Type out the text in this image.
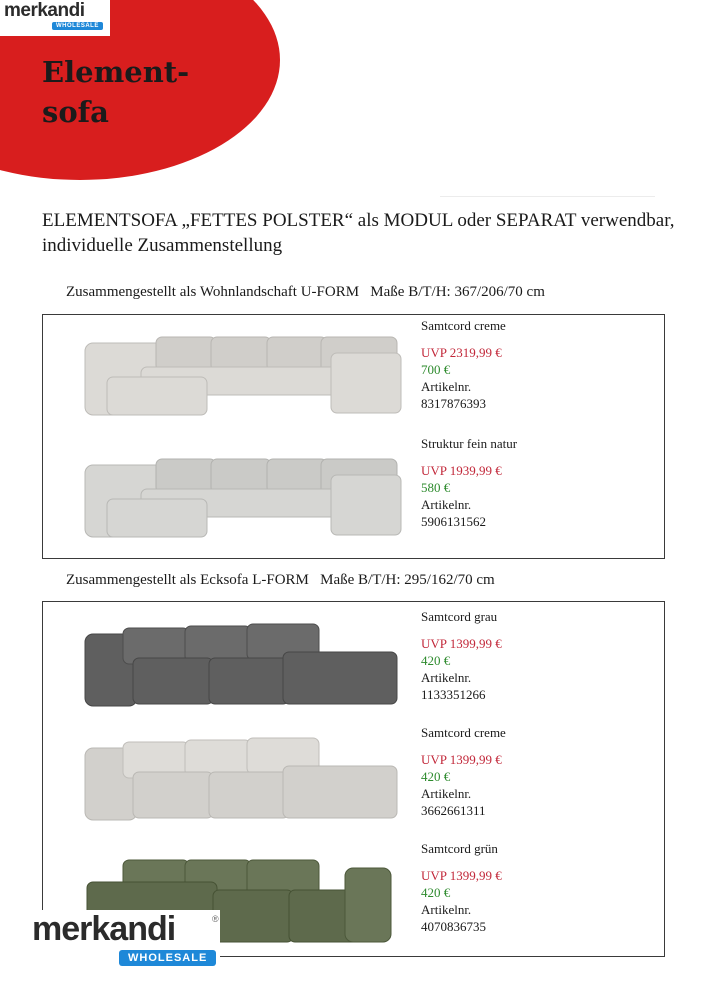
merkandi
WHOLESALE
Element-
sofa
ELEMENTSOFA „FETTES POLSTER“ als MODUL oder SEPARAT verwendbar, individuelle Zusammenstellung
Zusammengestellt als Wohnlandschaft U-FORM   Maße B/T/H: 367/206/70 cm
Samtcord creme
UVP 2319,99 €
700 €
Artikelnr.
8317876393
Struktur fein natur
UVP 1939,99 €
580 €
Artikelnr.
5906131562
Zusammengestellt als Ecksofa L-FORM   Maße B/T/H: 295/162/70 cm
Samtcord grau
UVP 1399,99 €
420 €
Artikelnr.
1133351266
Samtcord creme
UVP 1399,99 €
420 €
Artikelnr.
3662661311
Samtcord grün
UVP 1399,99 €
420 €
Artikelnr.
4070836735
merkandi
WHOLESALE
®
